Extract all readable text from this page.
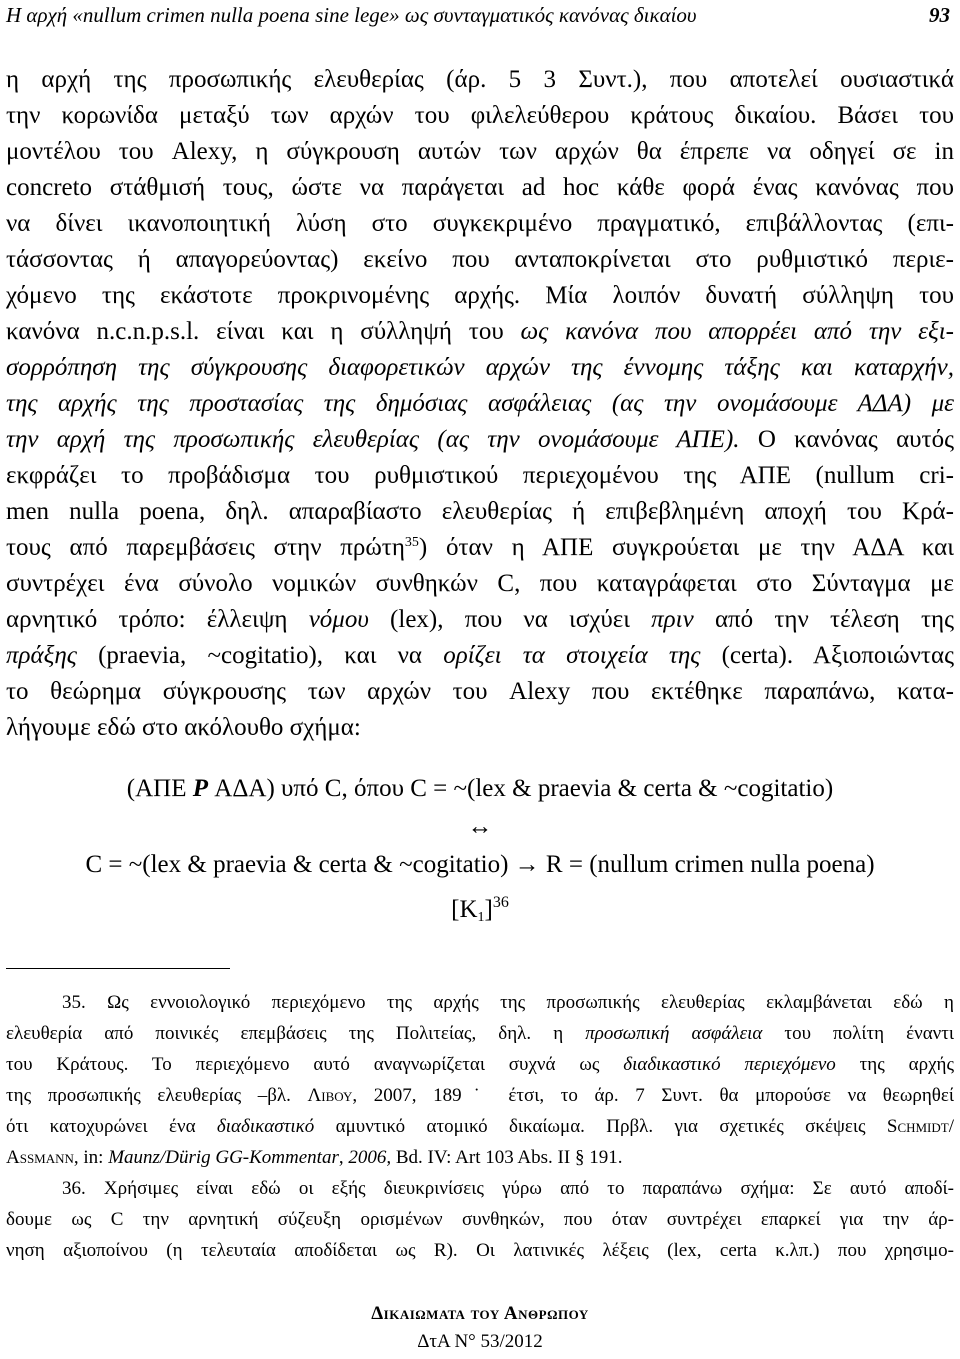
Η αρχή «nullum crimen nulla poena sine lege» ως συνταγματικός κανόνας δικαίου	93
η αρχή της προσωπικής ελευθερίας (άρ. 5 3 Συντ.), που αποτελεί ουσιαστικά
την κορωνίδα μεταξύ των αρχών του φιλελεύθερου κράτους δικαίου. Βάσει του
μοντέλου του Alexy, η σύγκρουση αυτών των αρχών θα έπρεπε να οδηγεί σε in
concreto στάθμισή τους, ώστε να παράγεται ad hoc κάθε φορά ένας κανόνας που
να δίνει ικανοποιητική λύση στο συγκεκριμένο πραγματικό, επιβάλλοντας (επι-
τάσσοντας ή απαγορεύοντας) εκείνο που ανταποκρίνεται στο ρυθμιστικό περιε-
χόμενο της εκάστοτε προκρινομένης αρχής. Μία λοιπόν δυνατή σύλληψη του
κανόνα n.c.n.p.s.l. είναι και η σύλληψή του ως κανόνα που απορρέει από την εξι-
σορρόπηση της σύγκρουσης διαφορετικών αρχών της έννομης τάξης και καταρχήν,
της αρχής της προστασίας της δημόσιας ασφάλειας (ας την ονομάσουμε ΑΔΑ) με
την αρχή της προσωπικής ελευθερίας (ας την ονομάσουμε ΑΠΕ). Ο κανόνας αυτός
εκφράζει το προβάδισμα του ρυθμιστικού περιεχομένου της ΑΠΕ (nullum cri-
men nulla poena, δηλ. απαραβίαστο ελευθερίας ή επιβεβλημένη αποχή του Κρά-
τους από παρεμβάσεις στην πρώτη$^{35}$) όταν η ΑΠΕ συγκρούεται με την ΑΔΑ και
συντρέχει ένα σύνολο νομικών συνθηκών C, που καταγράφεται στο Σύνταγμα με
αρνητικό τρόπο: έλλειψη νόμου (lex), που να ισχύει πριν από την τέλεση της
πράξης (praevia, ~cogitatio), και να ορίζει τα στοιχεία της (certa). Αξιοποιώντας
το θεώρημα σύγκρουσης των αρχών του Alexy που εκτέθηκε παραπάνω, κατα-
λήγουμε εδώ στο ακόλουθο σχήμα:
(ΑΠΕ P ΑΔΑ) υπό C, όπου C = ~(lex & praevia & certa & ~cogitatio)
↔
C = ~(lex & praevia & certa & ~cogitatio) → R = (nullum crimen nulla poena)
$[K_1]^{36}$
35. Ως εννοιολογικό περιεχόμενο της αρχής της προσωπικής ελευθερίας εκλαμβάνεται εδώ η
ελευθερία από ποινικές επεμβάσεις της Πολιτείας, δηλ. η προσωπική ασφάλεια του πολίτη έναντι
του Κράτους. Το περιεχόμενο αυτό αναγνωρίζεται συχνά ως διαδικαστικό περιεχόμενο της αρχής
της προσωπικής ελευθερίας –βλ. Λιβου, 2007, 189˙ έτσι, το άρ. 7 Συντ. θα μπορούσε να θεωρηθεί
ότι κατοχυρώνει ένα διαδικαστικό αμυντικό ατομικό δικαίωμα. Πρβλ. για σχετικές σκέψεις Schmidt/
Assmann, in: Maunz/Dürig GG-Kommentar, 2006, Bd. IV: Art 103 Abs. II § 191.
36. Χρήσιμες είναι εδώ οι εξής διευκρινίσεις γύρω από το παραπάνω σχήμα: Σε αυτό αποδί-
δουμε ως C την αρνητική σύζευξη ορισμένων συνθηκών, που όταν συντρέχει επαρκεί για την άρ-
νηση αξιοποίνου (η τελευταία αποδίδεται ως R). Οι λατινικές λέξεις (lex, certa κ.λπ.) που χρησιμο-
Δικαιωματα του Ανθρωπου
ΔτΑ Ν° 53/2012
